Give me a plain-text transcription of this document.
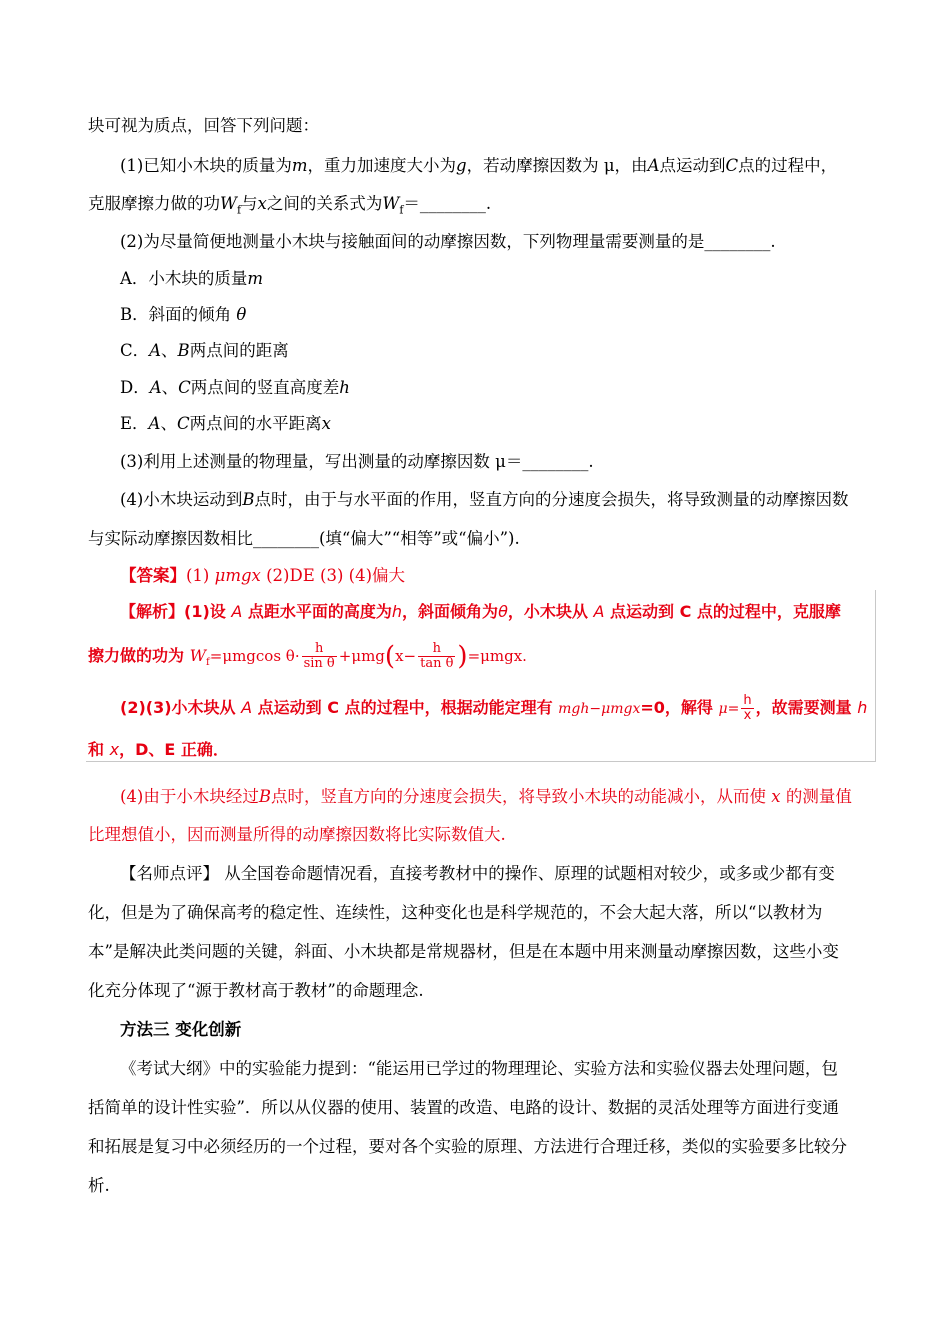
块可视为质点，回答下列问题：
(1)已知小木块的质量为m，重力加速度大小为g，若动摩擦因数为 μ，由A点运动到C点的过程中，
克服摩擦力做的功$W_f$与x之间的关系式为$W_f=\_\_\_\_\_\_\_\_$.
(2)为尽量简便地测量小木块与接触面间的动摩擦因数，下列物理量需要测量的是________.
A．小木块的质量m
B．斜面的倾角 θ
C．A、B两点间的距离
D．A、C两点间的竖直高度差h
E．A、C两点间的水平距离x
(3)利用上述测量的物理量，写出测量的动摩擦因数 μ＝________.
(4)小木块运动到B点时，由于与水平面的作用，竖直方向的分速度会损失，将导致测量的动摩擦因数
与实际动摩擦因数相比________(填“偏大”“相等”或“偏小”).
【答案】(1) μmgx (2)DE (3) (4)偏大
【解析】(1)设 A 点距水平面的高度为h，斜面倾角为θ，小木块从 A 点运动到 C 点的过程中，克服摩
擦力做的功为 $W_f=\mu mgcos$ $\theta\cdot \frac{h}{\text{sin θ}} +\mu mg(x- \frac{h}{\text{tan θ}} )=\mu mgx$.
(2)(3)小木块从 A 点运动到 C 点的过程中，根据动能定理有 mgh−μmgx=0，解得 $\mu= \frac{h}{x}$ ，故需要测量 h
和 x，D、E 正确．
(4)由于小木块经过B点时，竖直方向的分速度会损失，将导致小木块的动能减小，从而使 x 的测量值
比理想值小，因而测量所得的动摩擦因数将比实际数值大.
【名师点评】 从全国卷命题情况看，直接考教材中的操作、原理的试题相对较少，或多或少都有变
化，但是为了确保高考的稳定性、连续性，这种变化也是科学规范的，不会大起大落，所以“以教材为
本”是解决此类问题的关键，斜面、小木块都是常规器材，但是在本题中用来测量动摩擦因数，这些小变
化充分体现了“源于教材高于教材”的命题理念.
方法三 变化创新
《考试大纲》中的实验能力提到：“能运用已学过的物理理论、实验方法和实验仪器去处理问题，包
括简单的设计性实验”．所以从仪器的使用、装置的改造、电路的设计、数据的灵活处理等方面进行变通
和拓展是复习中必须经历的一个过程，要对各个实验的原理、方法进行合理迁移，类似的实验要多比较分
析.
